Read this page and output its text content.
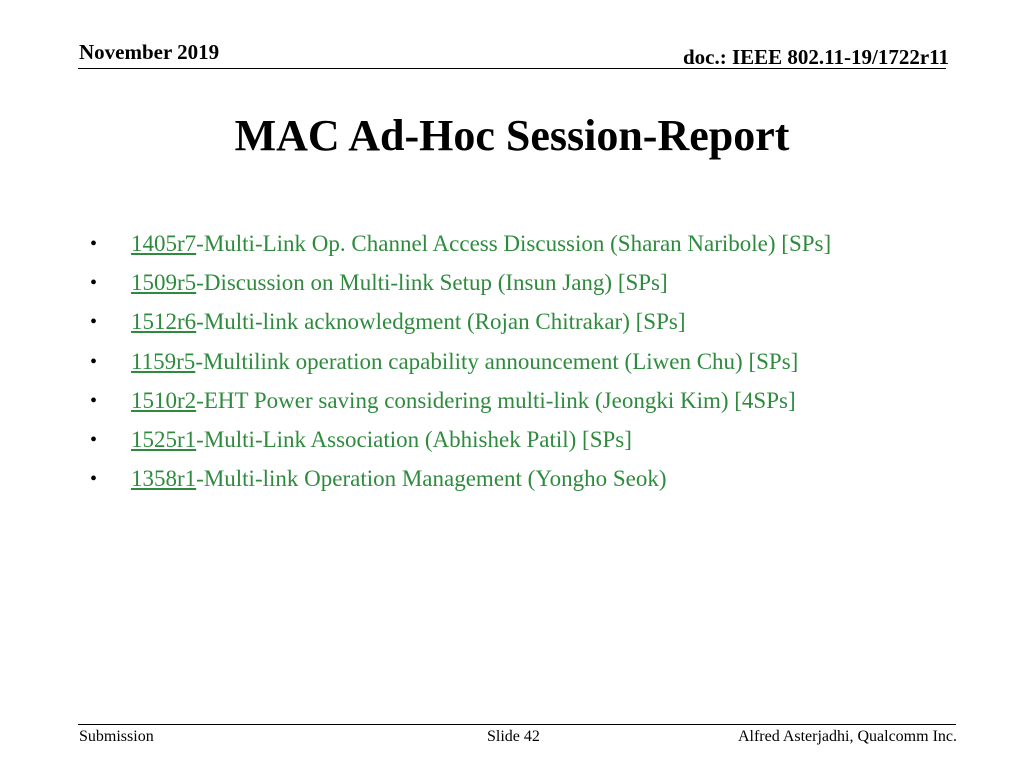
November 2019	doc.: IEEE 802.11-19/1722r11
MAC Ad-Hoc Session-Report
• 1405r7-Multi-Link Op. Channel Access Discussion (Sharan Naribole) [SPs]
• 1509r5-Discussion on Multi-link Setup (Insun Jang) [SPs]
• 1512r6-Multi-link acknowledgment (Rojan Chitrakar) [SPs]
• 1159r5-Multilink operation capability announcement (Liwen Chu) [SPs]
• 1510r2-EHT Power saving considering multi-link (Jeongki Kim) [4SPs]
• 1525r1-Multi-Link Association (Abhishek Patil) [SPs]
• 1358r1-Multi-link Operation Management (Yongho Seok)
Submission	Slide 42	Alfred Asterjadhi, Qualcomm Inc.
